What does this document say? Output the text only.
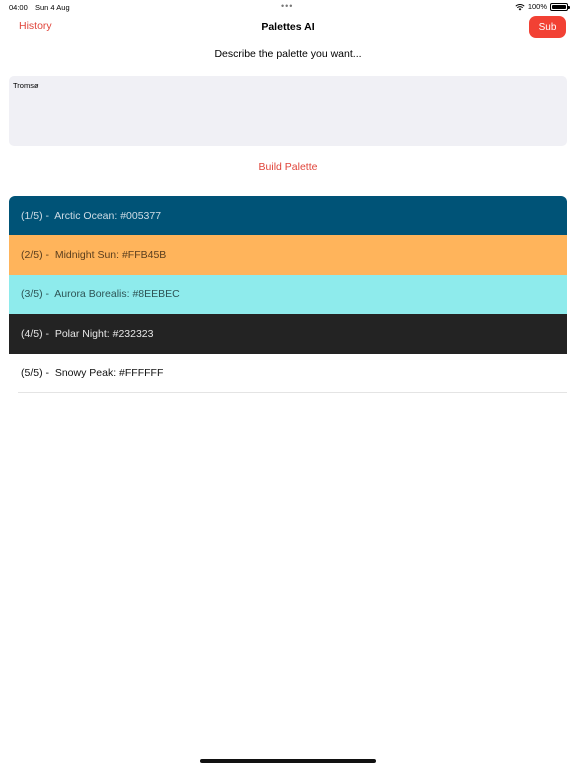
04:00 Sun 4 Aug	•••	100%
History	Palettes AI	Sub
Describe the palette you want...
Tromsø
Build Palette
(1/5) -  Arctic Ocean: #005377
(2/5) -  Midnight Sun: #FFB45B
(3/5) -  Aurora Borealis: #8EEBEC
(4/5) -  Polar Night: #232323
(5/5) -  Snowy Peak: #FFFFFF
